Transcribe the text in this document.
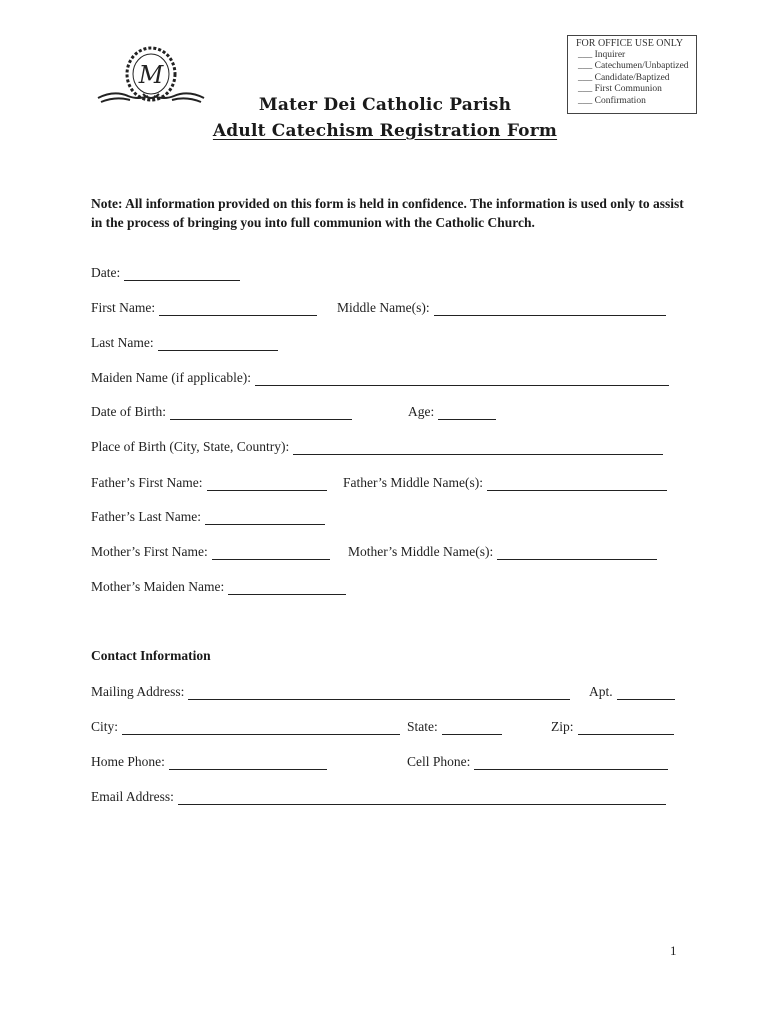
M
FOR OFFICE USE ONLY
___ Inquirer
___ Catechumen/Unbaptized
___ Candidate/Baptized
___ First Communion
___ Confirmation
Mater Dei Catholic Parish
Adult Catechism Registration Form
Note: All information provided on this form is held in confidence. The information is used only to assist in the process of bringing you into full communion with the Catholic Church.
Date:
First Name:	Middle Name(s):
Last Name:
Maiden Name (if applicable):
Date of Birth:	Age:
Place of Birth (City, State, Country):
Father’s First Name:	Father’s Middle Name(s):
Father’s Last Name:
Mother’s First Name:	Mother’s Middle Name(s):
Mother’s Maiden Name:
Contact Information
Mailing Address:	Apt.
City:	State:	Zip:
Home Phone:	Cell Phone:
Email Address:
1
